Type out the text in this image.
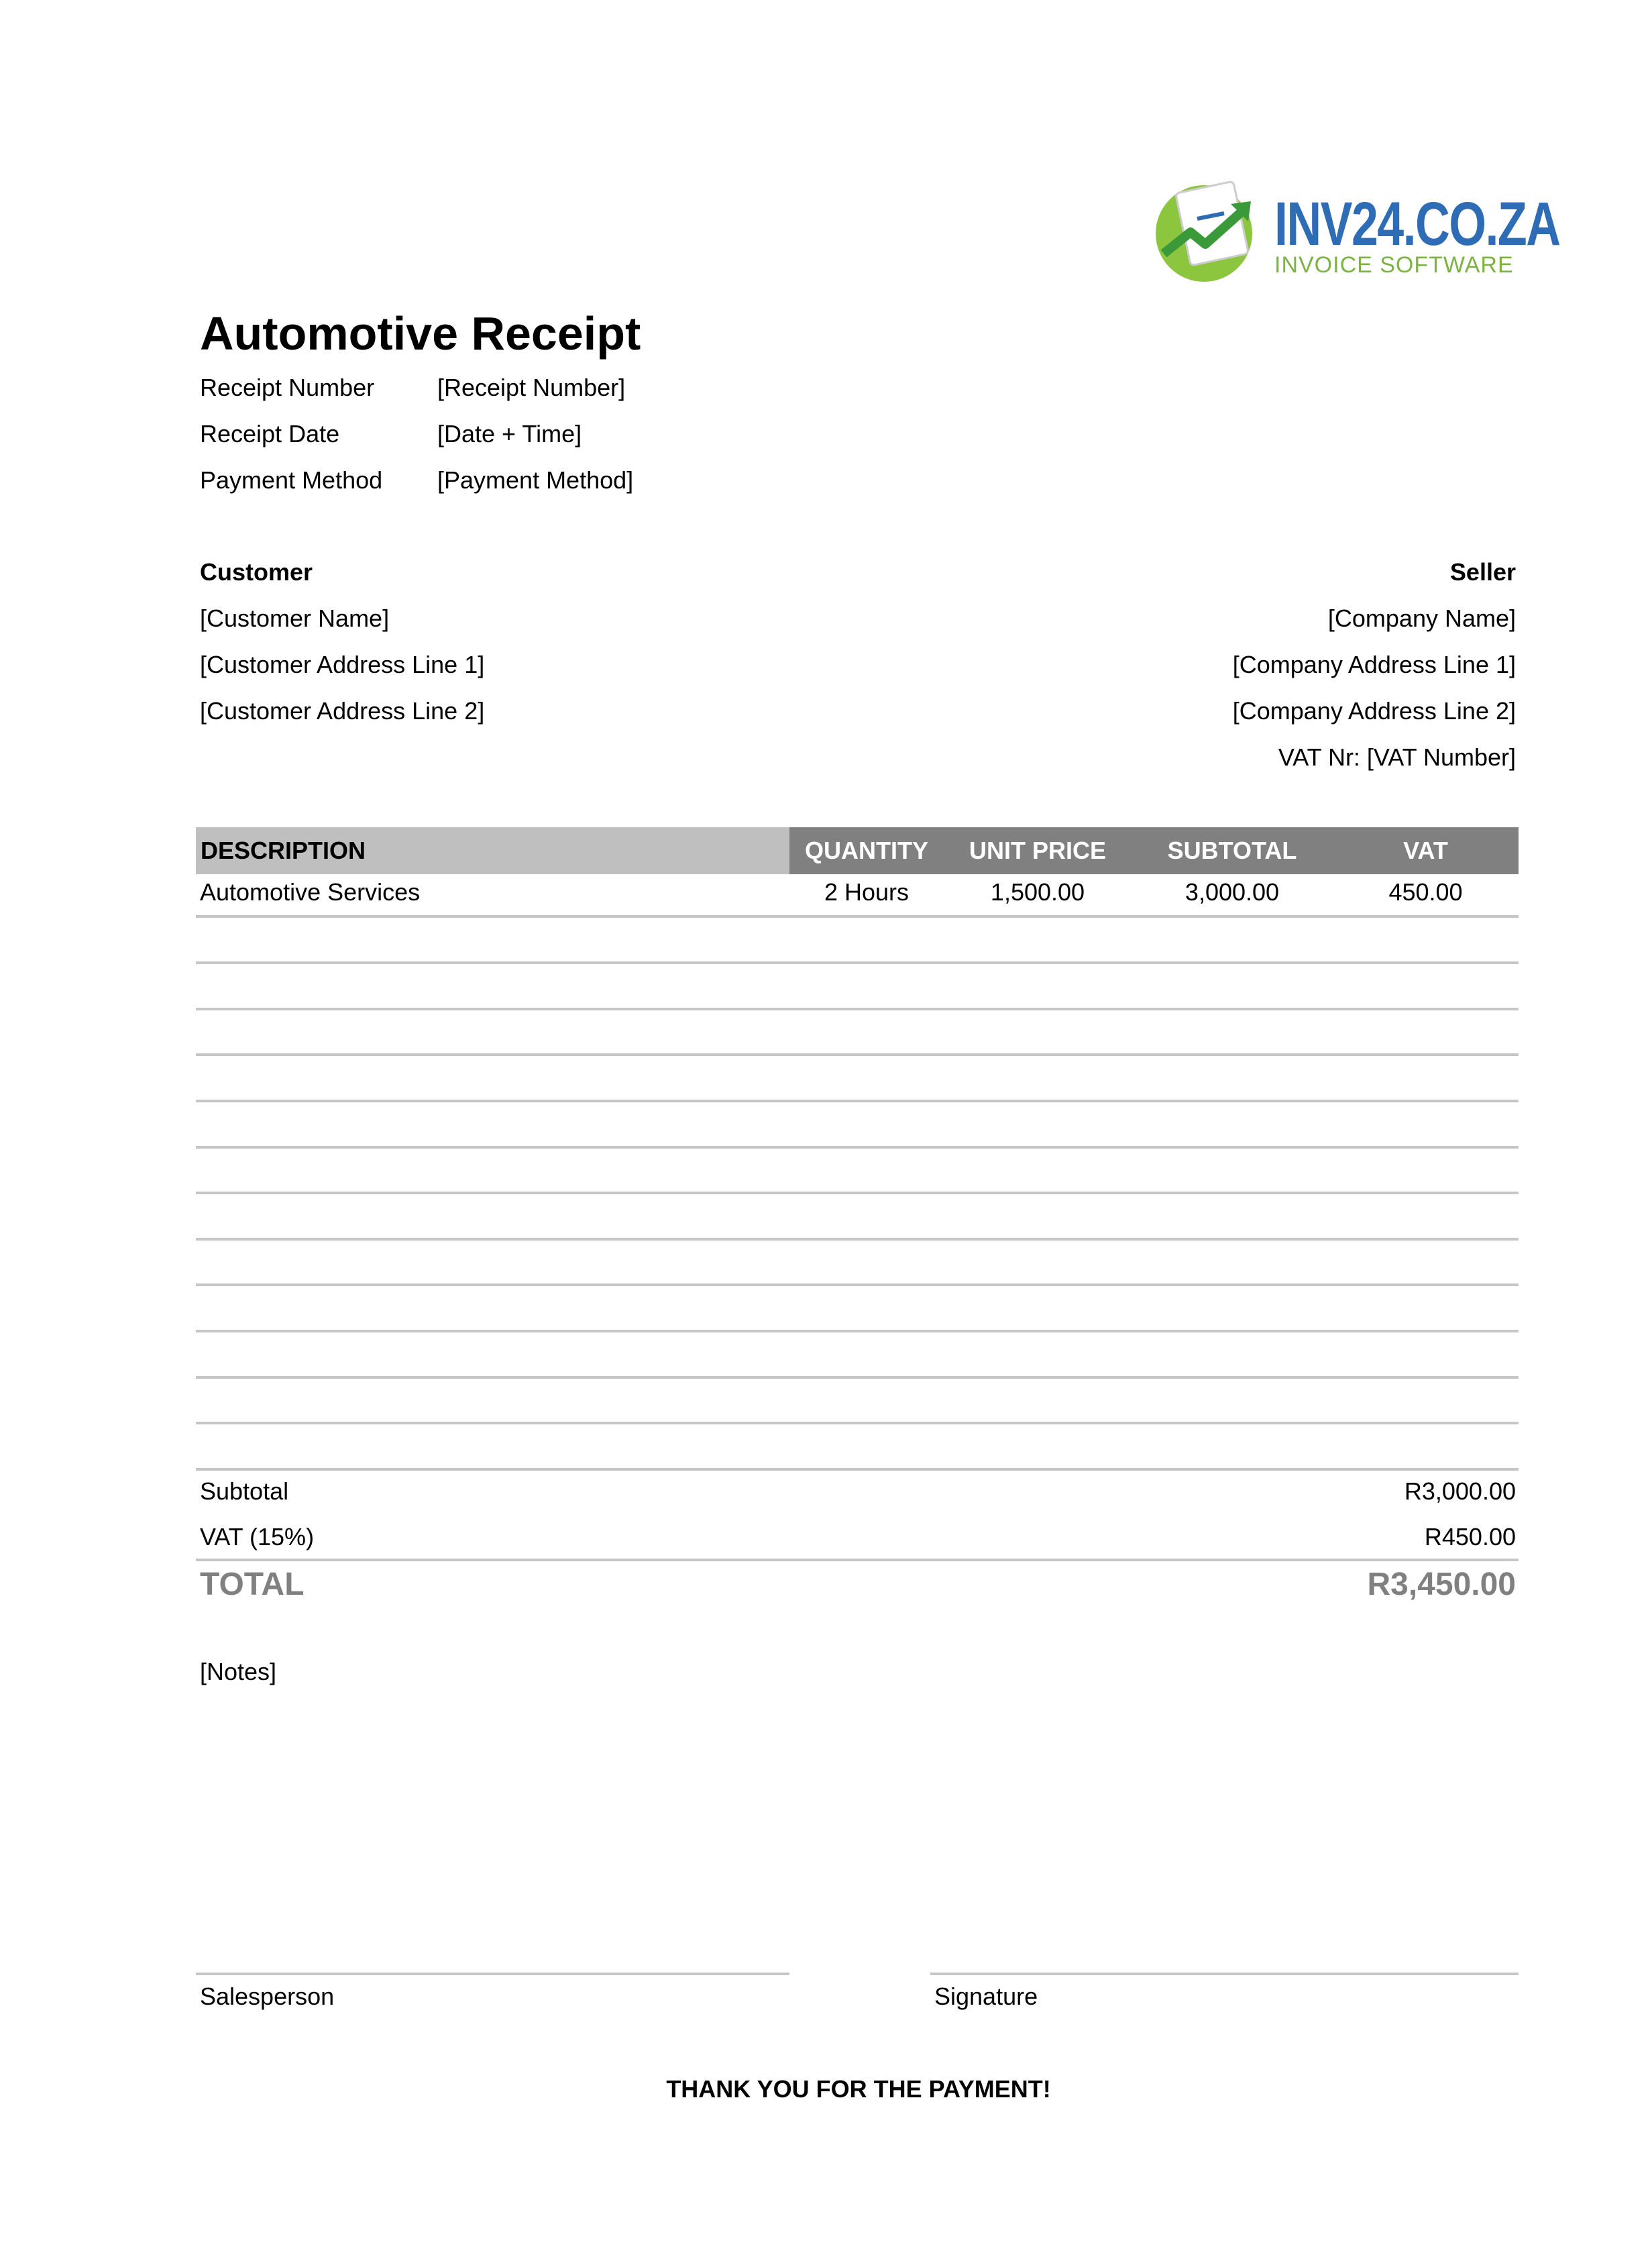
INV24.CO.ZA
INVOICE SOFTWARE
Automotive Receipt
Receipt Number	[Receipt Number]
Receipt Date	[Date + Time]
Payment Method [Payment Method]
Customer
[Customer Name]
[Customer Address Line 1]
[Customer Address Line 2]
Seller
[Company Name]
[Company Address Line 1]
[Company Address Line 2]
VAT Nr: [VAT Number]
DESCRIPTION	QUANTITY	UNIT PRICE	SUBTOTAL	VAT
Automotive Services	2 Hours	1,500.00	3,000.00	450.00
Subtotal	R3,000.00
VAT (15%)	R450.00
TOTAL	R3,450.00
[Notes]
Salesperson	Signature
THANK YOU FOR THE PAYMENT!
